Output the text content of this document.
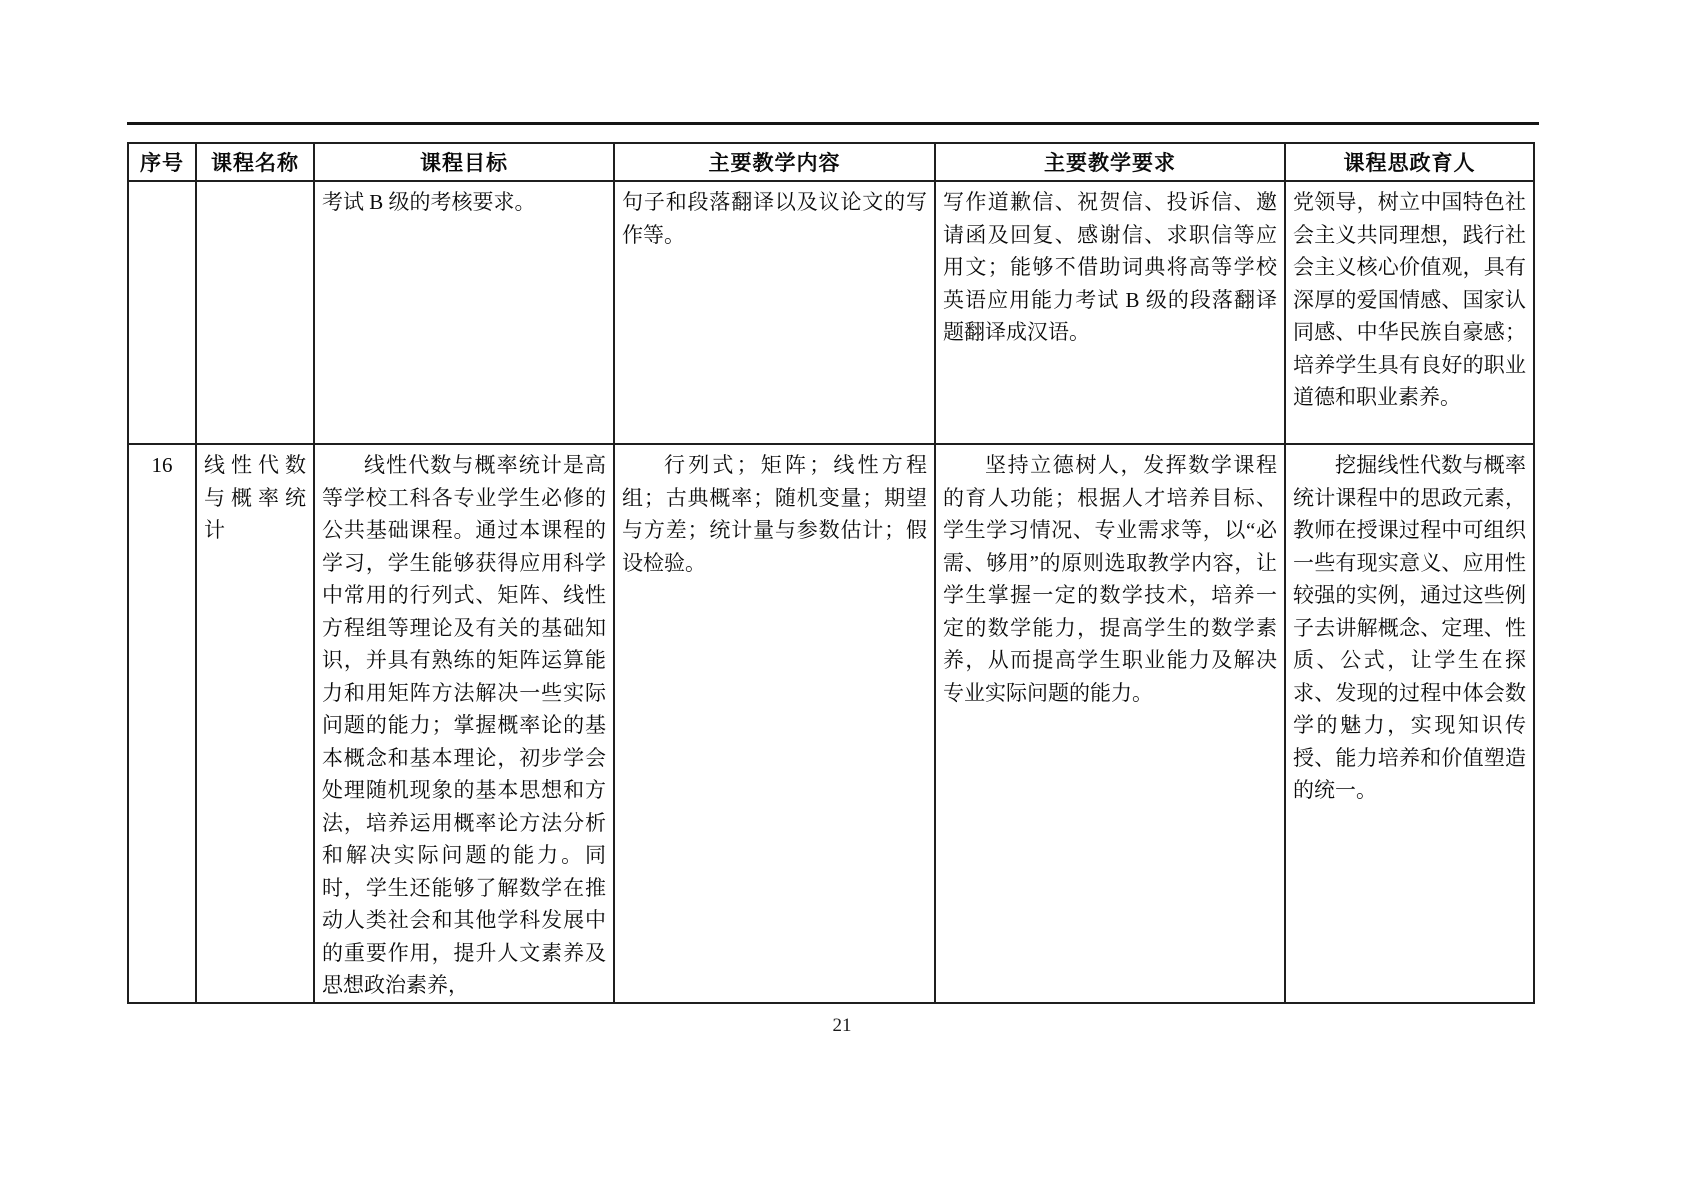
序号	课程名称	课程目标	主要教学内容	主要教学要求	课程思政育人
		考试 B 级的考核要求。	句子和段落翻译以及议论文的写作等。	写作道歉信、祝贺信、投诉信、邀请函及回复、感谢信、求职信等应用文；能够不借助词典将高等学校英语应用能力考试 B 级的段落翻译题翻译成汉语。	党领导，树立中国特色社会主义共同理想，践行社会主义核心价值观，具有深厚的爱国情感、国家认同感、中华民族自豪感；培养学生具有良好的职业道德和职业素养。
16	线性代数与概率统计	线性代数与概率统计是高等学校工科各专业学生必修的公共基础课程。通过本课程的学习，学生能够获得应用科学中常用的行列式、矩阵、线性方程组等理论及有关的基础知识，并具有熟练的矩阵运算能力和用矩阵方法解决一些实际问题的能力；掌握概率论的基本概念和基本理论，初步学会处理随机现象的基本思想和方法，培养运用概率论方法分析和解决实际问题的能力。同时，学生还能够了解数学在推动人类社会和其他学科发展中的重要作用，提升人文素养及思想政治素养，	行列式；矩阵；线性方程组；古典概率；随机变量；期望与方差；统计量与参数估计；假设检验。	坚持立德树人，发挥数学课程的育人功能；根据人才培养目标、学生学习情况、专业需求等，以“必需、够用”的原则选取教学内容，让学生掌握一定的数学技术，培养一定的数学能力，提高学生的数学素养，从而提高学生职业能力及解决专业实际问题的能力。	挖掘线性代数与概率统计课程中的思政元素，教师在授课过程中可组织一些有现实意义、应用性较强的实例，通过这些例子去讲解概念、定理、性质、公式，让学生在探求、发现的过程中体会数学的魅力，实现知识传授、能力培养和价值塑造的统一。
21
